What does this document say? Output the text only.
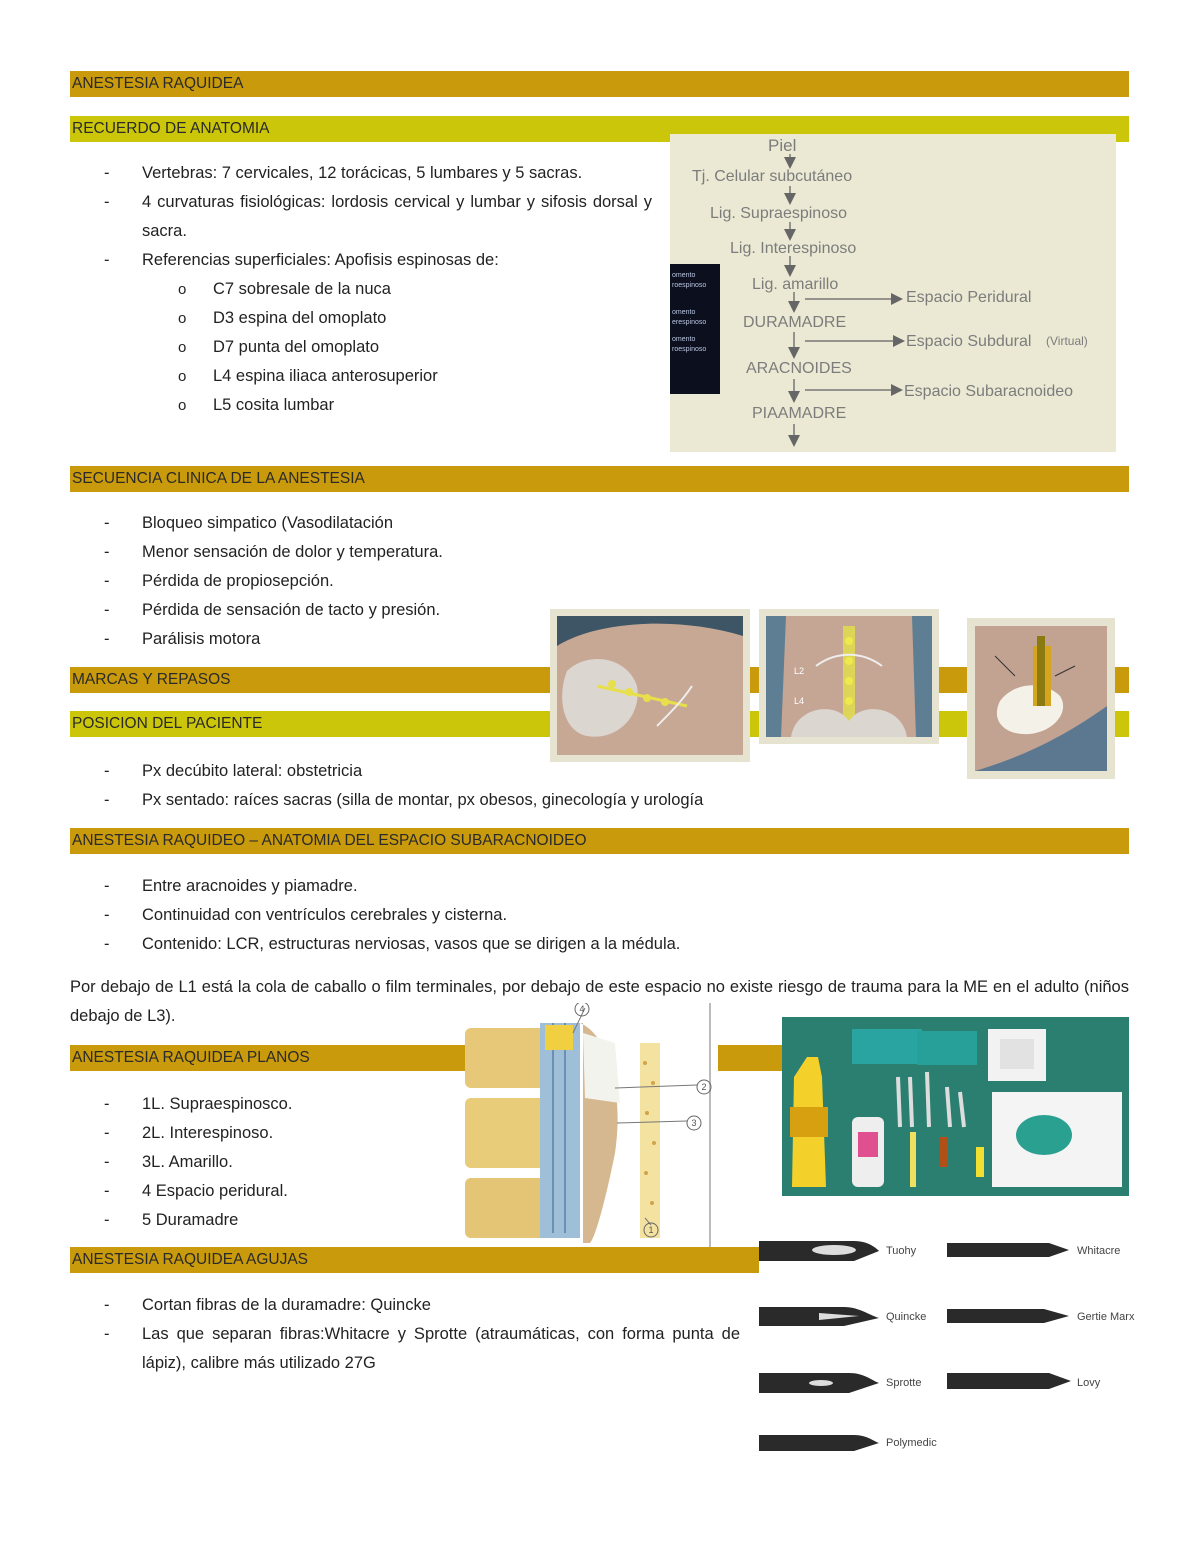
ANESTESIA RAQUIDEA
RECUERDO DE ANATOMIA
SECUENCIA CLINICA DE LA ANESTESIA
MARCAS Y REPASOS
POSICION DEL PACIENTE
ANESTESIA RAQUIDEO – ANATOMIA DEL ESPACIO SUBARACNOIDEO
ANESTESIA RAQUIDEA PLANOS
ANESTESIA RAQUIDEA AGUJAS
- Vertebras: 7 cervicales, 12 torácicas, 5 lumbares y 5 sacras.
- 4 curvaturas fisiológicas: lordosis cervical y lumbar y sifosis dorsal y sacra.
- Referencias superficiales: Apofisis espinosas de:
o C7 sobresale de la nuca
o D3 espina del omoplato
o D7 punta del omoplato
o L4 espina iliaca anterosuperior
o L5 cosita lumbar
omento
roespinoso
omento
erespinoso
omento
roespinoso
Piel
Tj. Celular subcutáneo
Lig. Supraespinoso
Lig. Interespinoso
Lig. amarillo
DURAMADRE
ARACNOIDES
PIAAMADRE
Espacio Peridural
Espacio Subdural (Virtual)
Espacio Subaracnoideo
- Bloqueo simpatico (Vasodilatación
- Menor sensación de dolor y temperatura.
- Pérdida de propiosepción.
- Pérdida de sensación de tacto y presión.
- Parálisis motora
L2
L4
- Px decúbito lateral: obstetricia
- Px sentado: raíces sacras (silla de montar, px obesos, ginecología y urología
- Entre aracnoides y piamadre.
- Continuidad con ventrículos cerebrales y cisterna.
- Contenido: LCR, estructuras nerviosas, vasos que se dirigen a la médula.

Por debajo de L1 está la cola de caballo o film terminales, por debajo de este espacio no existe riesgo de trauma para la ME en el adulto (niños debajo de L3).	4
2
3
1
- 1L. Supraespinosco.
- 2L. Interespinoso.
- 3L. Amarillo.
- 4 Espacio peridural.
- 5 Duramadre
Tuohy	Whitacre
Quincke	Gertie Marx
Sprotte	Lovy
Polymedic
- Cortan fibras de la duramadre: Quincke
- Las que separan fibras:Whitacre y Sprotte (atraumáticas, con forma punta de lápiz), calibre más utilizado 27G
